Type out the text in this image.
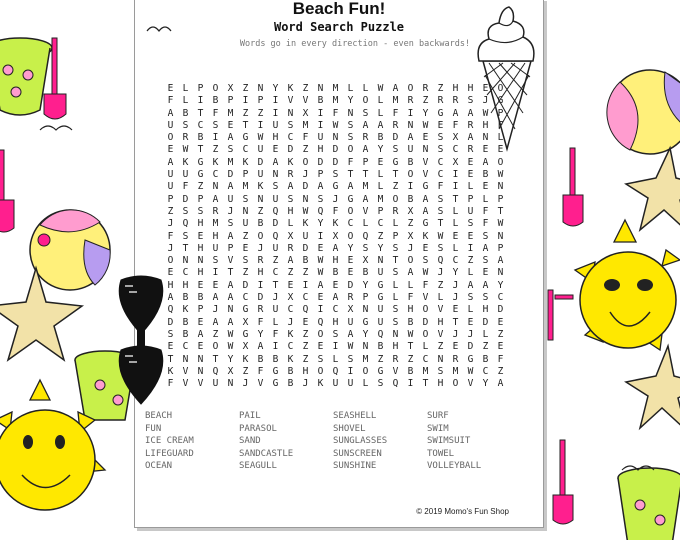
Beach Fun!
Word Search Puzzle
Words go in every direction - even backwards!
E L P O X Z N Y K Z N M L L W A O R Z H H E O
F L I B P I P I V V B M Y O L M R Z R R S J G
A B T F M Z Z I N X I F N S L F I Y G A A W P
U S C S E T I U S M I W S A A R N W E F R H F
O R B I A G W H C F U N S R B D A E S X A N L
E W T Z S C U E D Z H D O A Y S U N S C R E E
A K G K M K D A K O D D F P E G B V C X E A O
U U G C D P U N R J P S T T L T O V C I E B W
U F Z N A M K S A D A G A M L Z I G F I L E N
P D P A U S N U S N S J G A M O B A S T P L P
Z S S R J N Z Q H W Q F O V P R X A S L U F T
J Q H M S U B D L K Y K C L C L Z G T L S F W
F S E H A Z O Q X U I X O Q Z P X K W E E S N
J T H U P E J U R D E A Y S Y S J E S L I A P
O N N S V S R Z A B W H E X N T O S Q C Z S A
E C H I T Z H C Z Z W B E B U S A W J Y L E N
H H E E A D I T E I A E D Y G L L F Z J A A Y
A B B A A C D J X C E A R P G L F V L J S S C
Q K P J N G R U C Q I C X N U S H O V E L H D
D B E A A X F L J E Q H U G U S B D H T E D E
S B A Z W G Y F K Z O S A Y Q N W O V J J L Z
E C E O W X A I C Z E I W N B H T L Z E D Z E
T N N T Y K B B K Z S L S M Z R Z C N R G B F
K V N Q X Z F G B H O Q I O G V B M S M W C Z
F V V U N J V G B J K U U L S Q I T H O V Y A
BEACH	PAIL	SEASHELL	SURF
FUN	PARASOL	SHOVEL	SWIM
ICE CREAM	SAND	SUNGLASSES	SWIMSUIT
LIFEGUARD	SANDCASTLE	SUNSCREEN	TOWEL
OCEAN	SEAGULL	SUNSHINE	VOLLEYBALL
© 2019 Momo's Fun Shop
